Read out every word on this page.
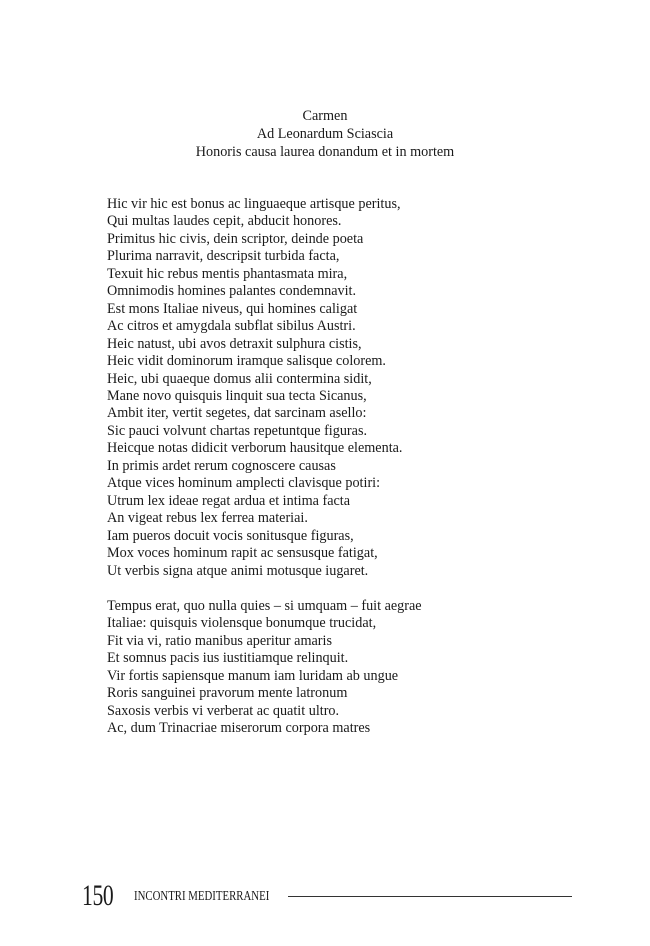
Carmen
Ad Leonardum Sciascia
Honoris causa laurea donandum et in mortem
Hic vir hic est bonus ac linguaeque artisque peritus,
Qui multas laudes cepit, abducit honores.
Primitus hic civis, dein scriptor, deinde poeta
Plurima narravit, descripsit turbida facta,
Texuit hic rebus mentis phantasmata mira,
Omnimodis homines palantes condemnavit.
Est mons Italiae niveus, qui homines caligat
Ac citros et amygdala subflat sibilus Austri.
Heic natust, ubi avos detraxit sulphura cistis,
Heic vidit dominorum iramque salisque colorem.
Heic, ubi quaeque domus alii contermina sidit,
Mane novo quisquis linquit sua tecta Sicanus,
Ambit iter, vertit segetes, dat sarcinam asello:
Sic pauci volvunt chartas repetuntque figuras.
Heicque notas didicit verborum hausitque elementa.
In primis ardet rerum cognoscere causas
Atque vices hominum amplecti clavisque potiri:
Utrum lex ideae regat ardua et intima facta
An vigeat rebus lex ferrea materiai.
Iam pueros docuit vocis sonitusque figuras,
Mox voces hominum rapit ac sensusque fatigat,
Ut verbis signa atque animi motusque iugaret.
Tempus erat, quo nulla quies – si umquam – fuit aegrae
Italiae: quisquis violensque bonumque trucidat,
Fit via vi, ratio manibus aperitur amaris
Et somnus pacis ius iustitiamque relinquit.
Vir fortis sapiensque manum iam luridam ab ungue
Roris sanguinei pravorum mente latronum
Saxosis verbis vi verberat ac quatit ultro.
Ac, dum Trinacriae miserorum corpora matres
150 INCONTRI MEDITERRANEI
